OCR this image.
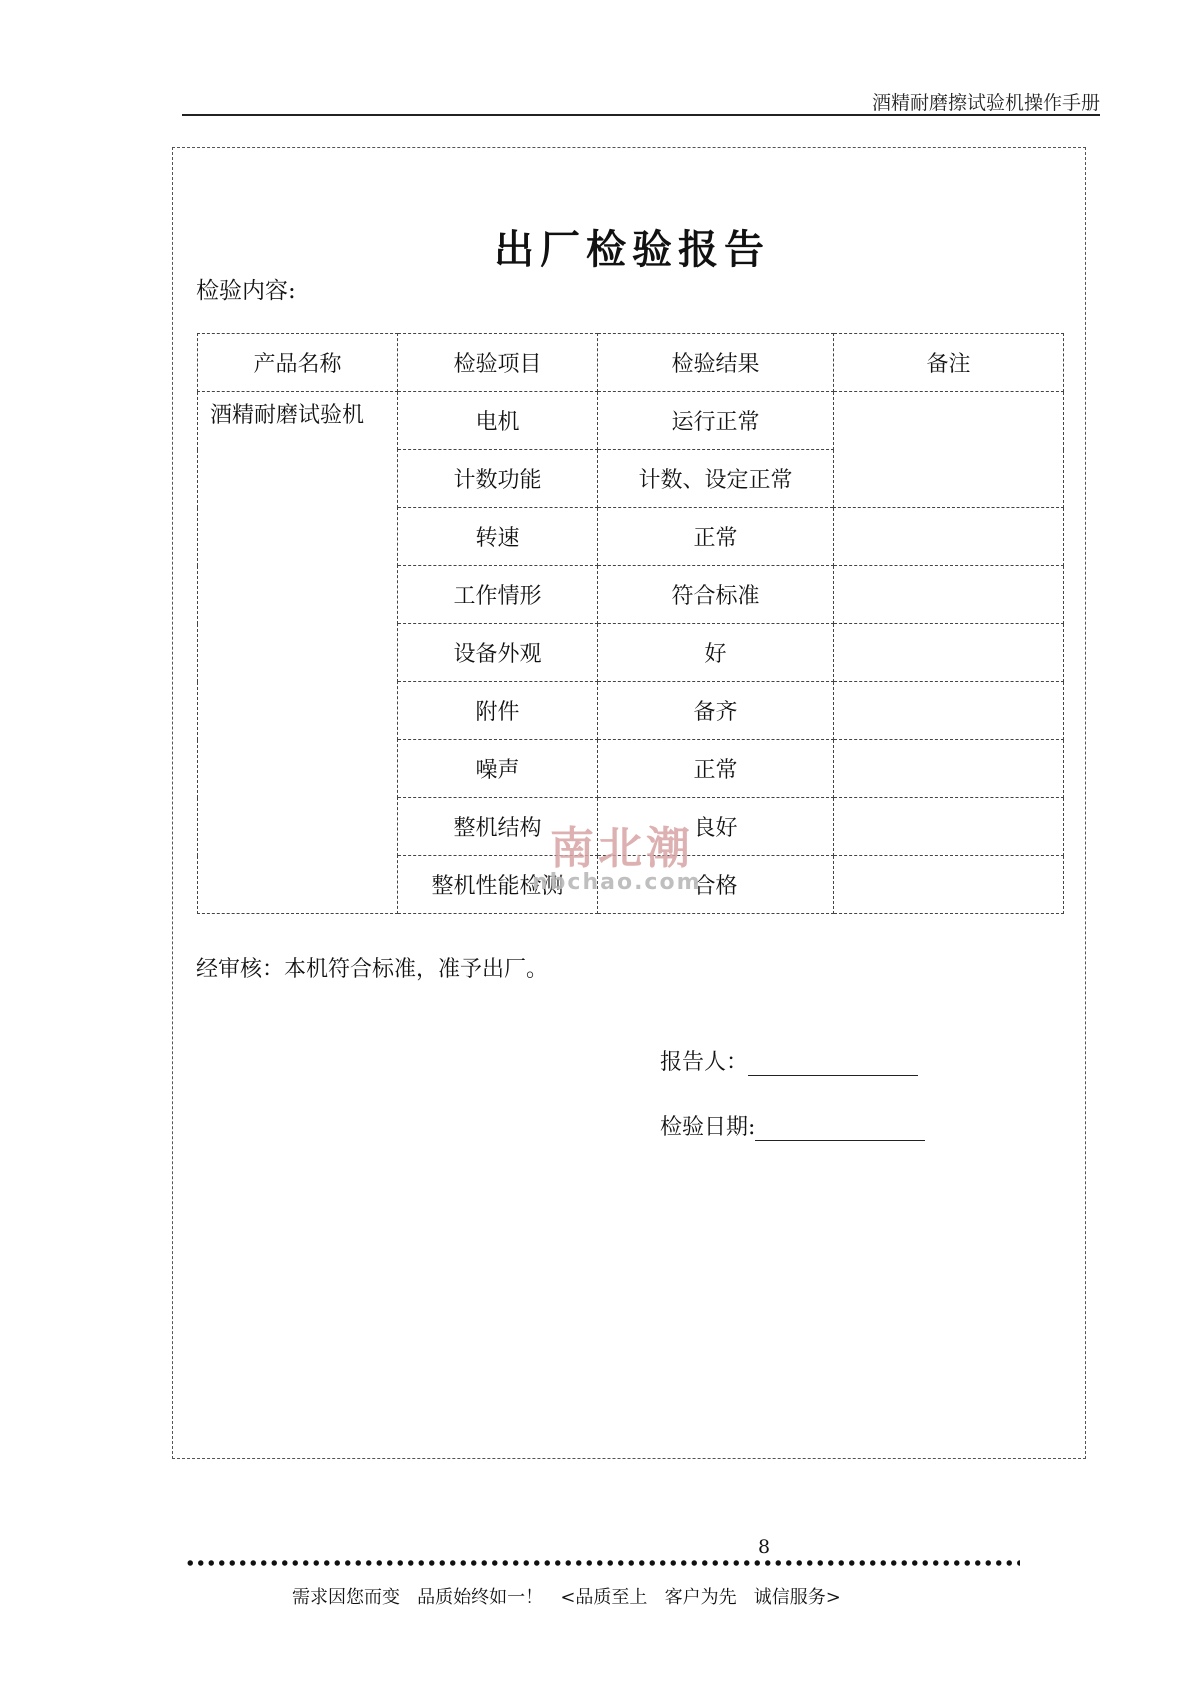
酒精耐磨擦试验机操作手册
出厂检验报告
检验内容:
产品名称	检验项目	检验结果	备注
酒精耐磨试验机	电机	运行正常	
	计数功能	计数、设定正常	
	转速	正常	
	工作情形	符合标准	
	设备外观	好	
	附件	备齐	
	噪声	正常	
	整机结构	良好	
	整机性能检测	合格	
南北潮
nbchao.com
经审核：本机符合标准，准予出厂。
报告人：
检验日期:
8
需求因您而变   品质始终如一！   <品质至上   客户为先   诚信服务>
